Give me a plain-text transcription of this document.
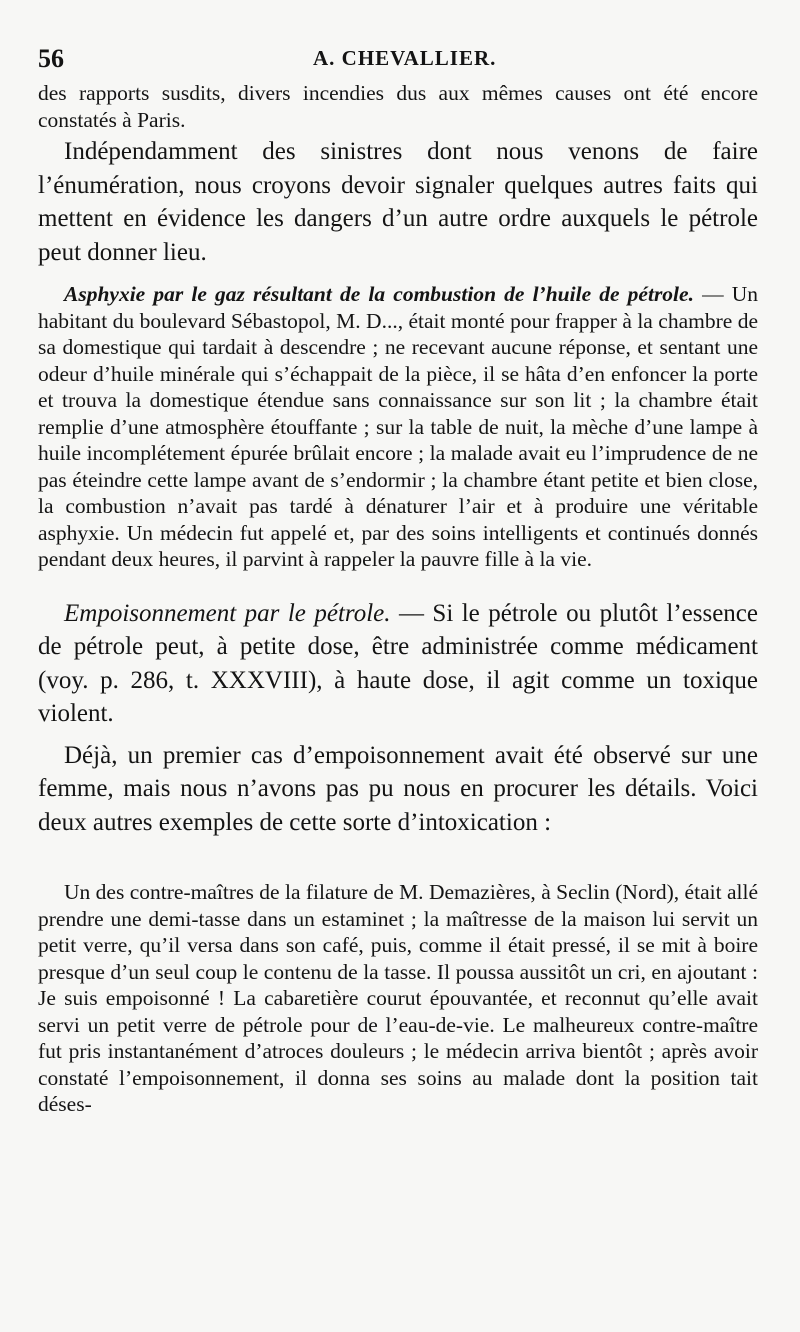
56	A. CHEVALLIER.

des rapports susdits, divers incendies dus aux mêmes causes ont été encore constatés à Paris.

Indépendamment des sinistres dont nous venons de faire l’énumération, nous croyons devoir signaler quelques autres faits qui mettent en évidence les dangers d’un autre ordre auxquels le pétrole peut donner lieu.

Asphyxie par le gaz résultant de la combustion de l’huile de pétrole. — Un habitant du boulevard Sébastopol, M. D..., était monté pour frapper à la chambre de sa domestique qui tardait à descendre ; ne recevant aucune réponse, et sentant une odeur d’huile minérale qui s’échappait de la pièce, il se hâta d’en enfoncer la porte et trouva la domestique étendue sans connaissance sur son lit ; la chambre était remplie d’une atmosphère étouffante ; sur la table de nuit, la mèche d’une lampe à huile incomplétement épurée brûlait encore ; la malade avait eu l’imprudence de ne pas éteindre cette lampe avant de s’endormir ; la chambre étant petite et bien close, la combustion n’avait pas tardé à dénaturer l’air et à produire une véritable asphyxie. Un médecin fut appelé et, par des soins intelligents et continués donnés pendant deux heures, il parvint à rappeler la pauvre fille à la vie.

Empoisonnement par le pétrole. — Si le pétrole ou plutôt l’essence de pétrole peut, à petite dose, être administrée comme médicament (voy. p. 286, t. XXXVIII), à haute dose, il agit comme un toxique violent.

Déjà, un premier cas d’empoisonnement avait été observé sur une femme, mais nous n’avons pas pu nous en procurer les détails. Voici deux autres exemples de cette sorte d’intoxication :

Un des contre-maîtres de la filature de M. Demazières, à Seclin (Nord), était allé prendre une demi-tasse dans un estaminet ; la maîtresse de la maison lui servit un petit verre, qu’il versa dans son café, puis, comme il était pressé, il se mit à boire presque d’un seul coup le contenu de la tasse. Il poussa aussitôt un cri, en ajoutant : Je suis empoisonné ! La cabaretière courut épouvantée, et reconnut qu’elle avait servi un petit verre de pétrole pour de l’eau-de-vie. Le malheureux contre-maître fut pris instantanément d’atroces douleurs ; le médecin arriva bientôt ; après avoir constaté l’empoisonnement, il donna ses soins au malade dont la position tait déses-
